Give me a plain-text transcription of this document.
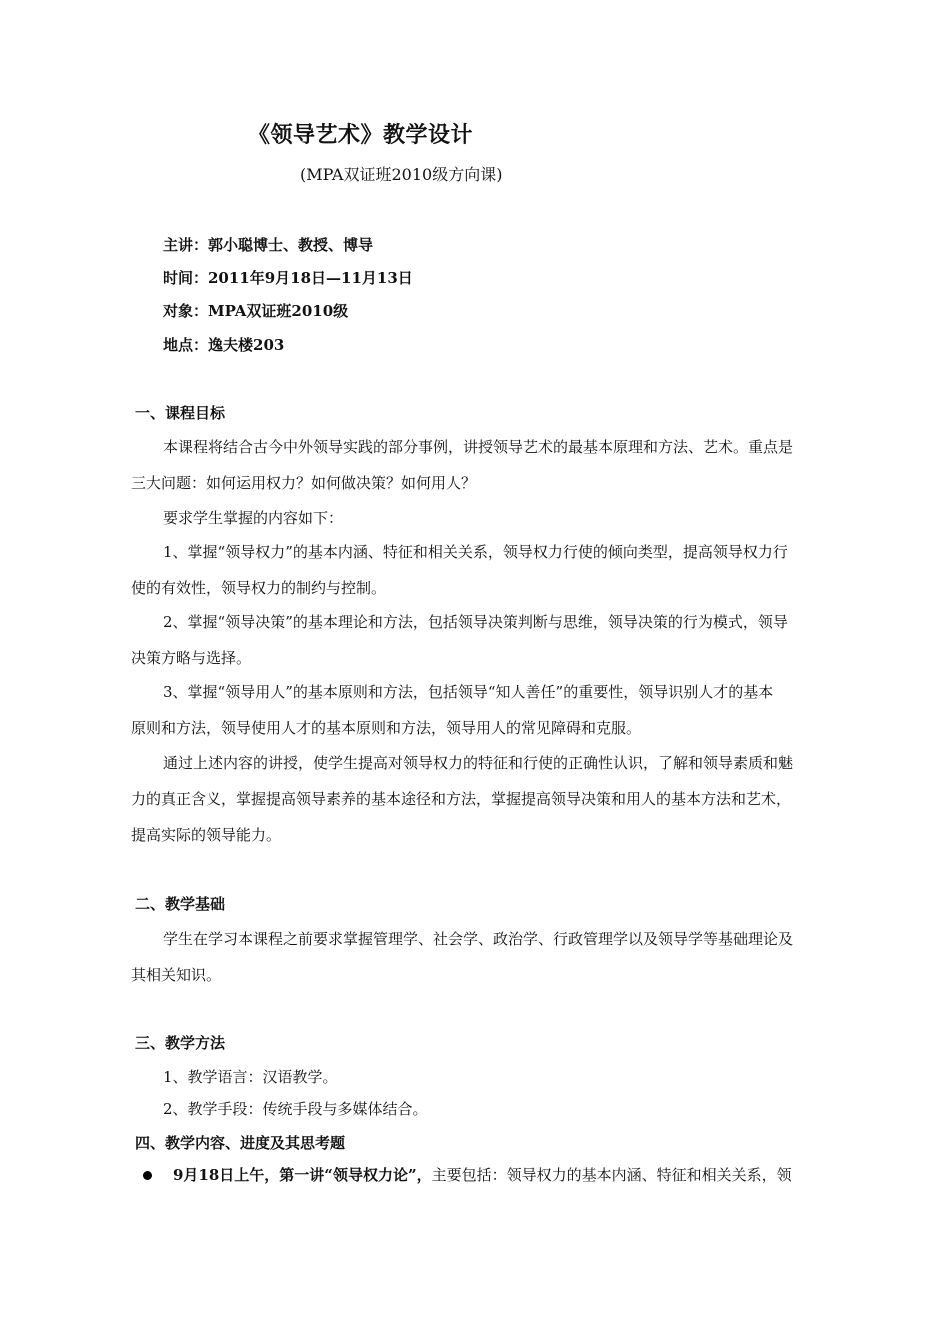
《领导艺术》教学设计
(MPA双证班2010级方向课)
主讲：郭小聪博士、教授、博导
时间：2011年9月18日—11月13日
对象：MPA双证班2010级
地点：逸夫楼203
一、课程目标
本课程将结合古今中外领导实践的部分事例，讲授领导艺术的最基本原理和方法、艺术。重点是
三大问题：如何运用权力？如何做决策？如何用人？
要求学生掌握的内容如下：
1、掌握“领导权力”的基本内涵、特征和相关关系，领导权力行使的倾向类型，提高领导权力行
使的有效性，领导权力的制约与控制。
2、掌握“领导决策”的基本理论和方法，包括领导决策判断与思维，领导决策的行为模式，领导
决策方略与选择。
3、掌握“领导用人”的基本原则和方法，包括领导“知人善任”的重要性，领导识别人才的基本
原则和方法，领导使用人才的基本原则和方法，领导用人的常见障碍和克服。
通过上述内容的讲授，使学生提高对领导权力的特征和行使的正确性认识，了解和领导素质和魅
力的真正含义，掌握提高领导素养的基本途径和方法，掌握提高领导决策和用人的基本方法和艺术，
提高实际的领导能力。
二、教学基础
学生在学习本课程之前要求掌握管理学、社会学、政治学、行政管理学以及领导学等基础理论及
其相关知识。
三、教学方法
1、教学语言：汉语教学。
2、教学手段：传统手段与多媒体结合。
四、教学内容、进度及其思考题
9月18日上午，第一讲“领导权力论”，主要包括：领导权力的基本内涵、特征和相关关系，领
